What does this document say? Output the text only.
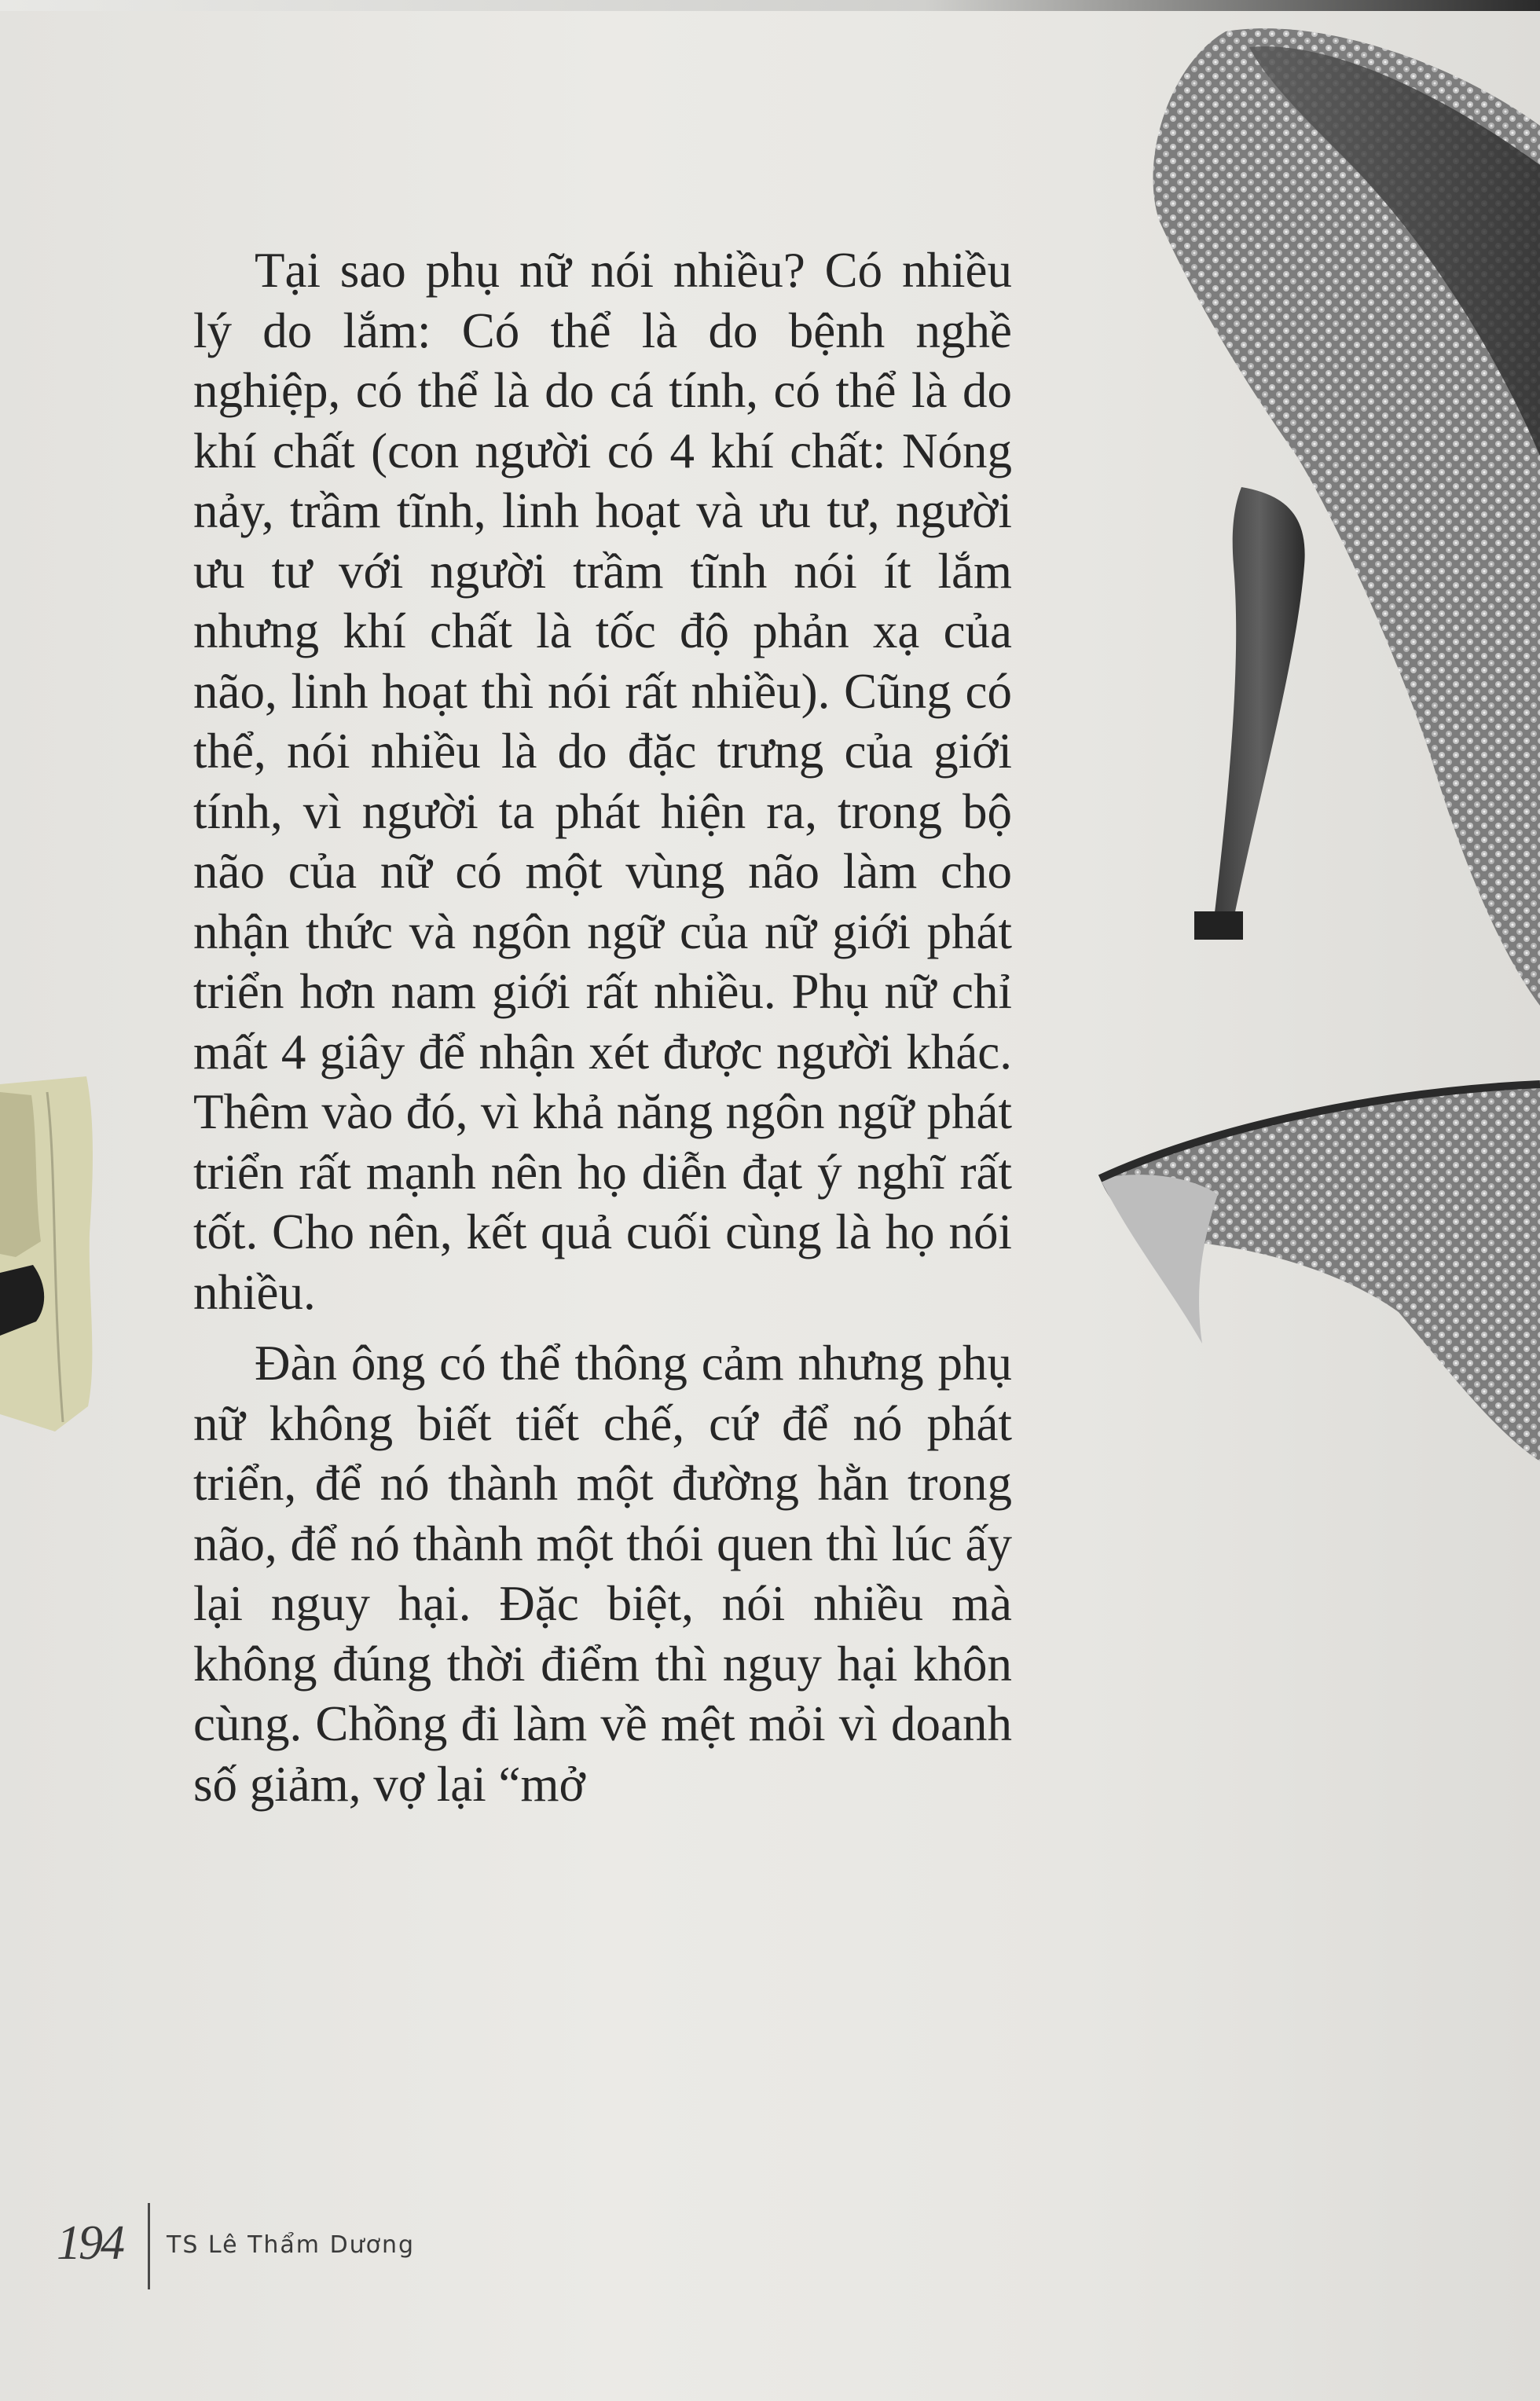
Tại sao phụ nữ nói nhiều? Có nhiều lý do lắm: Có thể là do bệnh nghề nghiệp, có thể là do cá tính, có thể là do khí chất (con người có 4 khí chất: Nóng nảy, trầm tĩnh, linh hoạt và ưu tư, người ưu tư với người trầm tĩnh nói ít lắm nhưng khí chất là tốc độ phản xạ của não, linh hoạt thì nói rất nhiều). Cũng có thể, nói nhiều là do đặc trưng của giới tính, vì người ta phát hiện ra, trong bộ não của nữ có một vùng não làm cho nhận thức và ngôn ngữ của nữ giới phát triển hơn nam giới rất nhiều. Phụ nữ chỉ mất 4 giây để nhận xét được người khác. Thêm vào đó, vì khả năng ngôn ngữ phát triển rất mạnh nên họ diễn đạt ý nghĩ rất tốt. Cho nên, kết quả cuối cùng là họ nói nhiều.

Đàn ông có thể thông cảm nhưng phụ nữ không biết tiết chế, cứ để nó phát triển, để nó thành một đường hằn trong não, để nó thành một thói quen thì lúc ấy lại nguy hại. Đặc biệt, nói nhiều mà không đúng thời điểm thì nguy hại khôn cùng. Chồng đi làm về mệt mỏi vì doanh số giảm, vợ lại “mở

194 TS Lê Thẩm Dương
